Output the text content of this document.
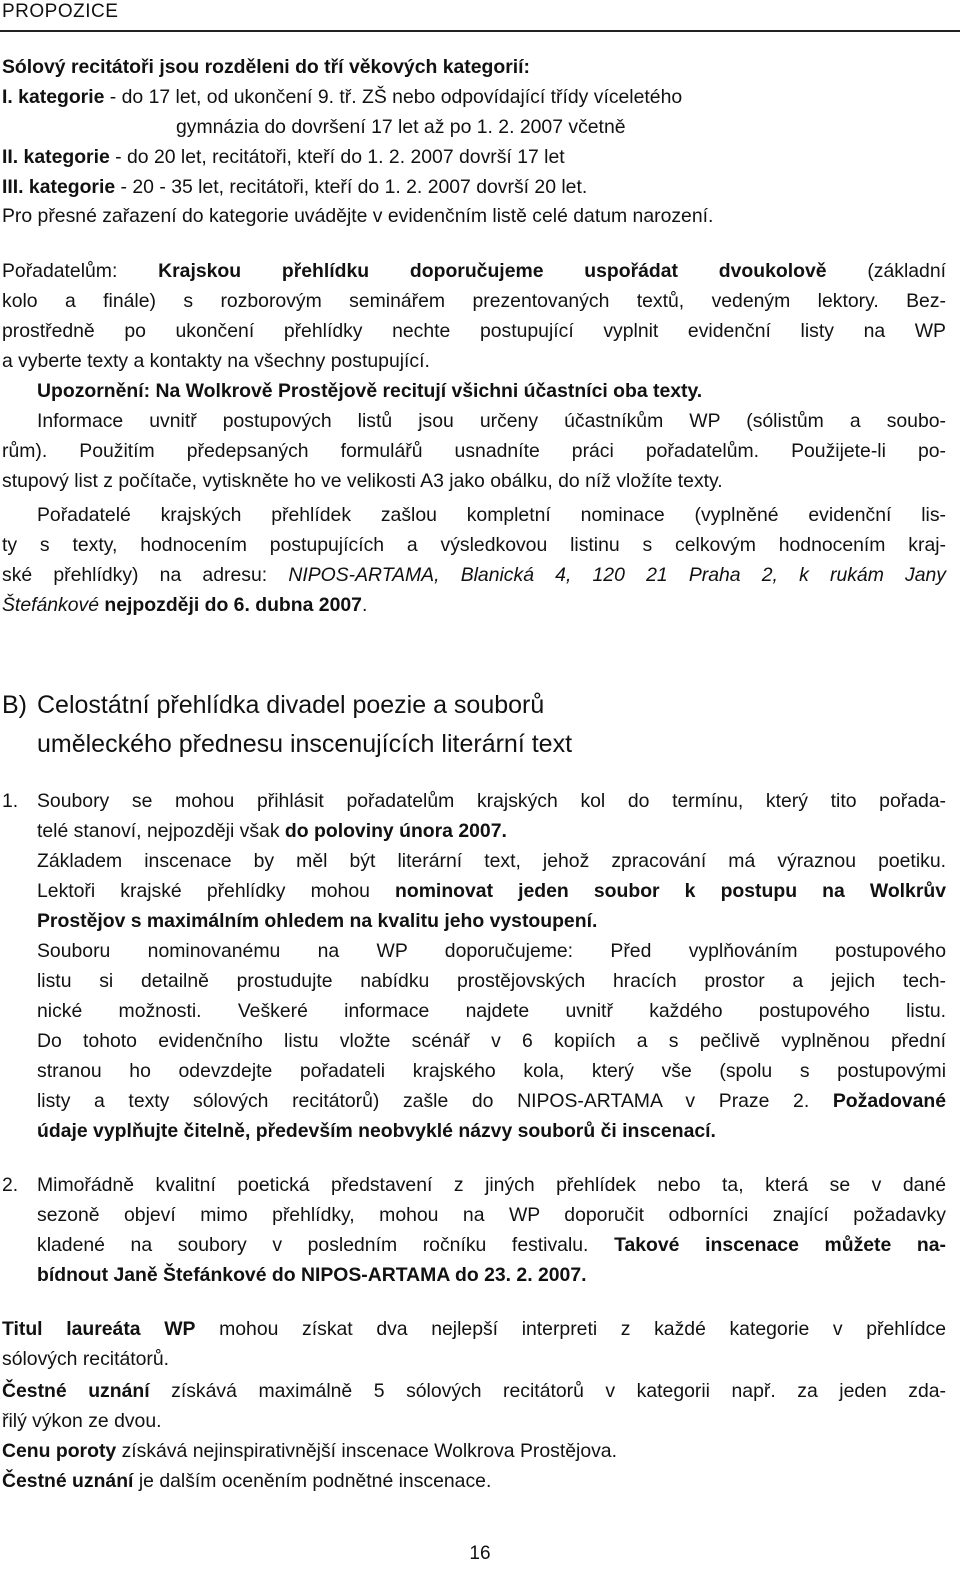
PROPOZICE
Sólový recitátoři jsou rozděleni do tří věkových kategorií:
I. kategorie - do 17 let, od ukončení 9. tř. ZŠ nebo odpovídající třídy víceletého
gymnázia do dovršení 17 let až po 1. 2. 2007 včetně
II. kategorie - do 20 let, recitátoři, kteří do 1. 2. 2007 dovrší 17 let
III. kategorie - 20 - 35 let, recitátoři, kteří do 1. 2. 2007 dovrší 20 let.
Pro přesné zařazení do kategorie uvádějte v evidenčním listě celé datum narození.
Pořadatelům: Krajskou přehlídku doporučujeme uspořádat dvoukolově (základní
kolo a finále) s rozborovým seminářem prezentovaných textů, vedeným lektory. Bez-
prostředně po ukončení přehlídky nechte postupující vyplnit evidenční listy na WP
a vyberte texty a kontakty na všechny postupující.
Upozornění: Na Wolkrově Prostějově recitují všichni účastníci oba texty.
Informace uvnitř postupových listů jsou určeny účastníkům WP (sólistům a soubo-
rům). Použitím předepsaných formulářů usnadníte práci pořadatelům. Použijete-li po-
stupový list z počítače, vytiskněte ho ve velikosti A3 jako obálku, do níž vložíte texty.
Pořadatelé krajských přehlídek zašlou kompletní nominace (vyplněné evidenční lis-
ty s texty, hodnocením postupujících a výsledkovou listinu s celkovým hodnocením kraj-
ské přehlídky) na adresu: NIPOS-ARTAMA, Blanická 4, 120 21 Praha 2, k rukám Jany
Štefánkové nejpozději do 6. dubna 2007.
B) Celostátní přehlídka divadel poezie a souborů
uměleckého přednesu inscenujících literární text
1. Soubory se mohou přihlásit pořadatelům krajských kol do termínu, který tito pořada-
telé stanoví, nejpozději však do poloviny února 2007.
Základem inscenace by měl být literární text, jehož zpracování má výraznou poetiku.
Lektoři krajské přehlídky mohou nominovat jeden soubor k postupu na Wolkrův
Prostějov s maximálním ohledem na kvalitu jeho vystoupení.
Souboru nominovanému na WP doporučujeme: Před vyplňováním postupového
listu si detailně prostudujte nabídku prostějovských hracích prostor a jejich tech-
nické možnosti. Veškeré informace najdete uvnitř každého postupového listu.
Do tohoto evidenčního listu vložte scénář v 6 kopiích a s pečlivě vyplněnou přední
stranou ho odevzdejte pořadateli krajského kola, který vše (spolu s postupovými
listy a texty sólových recitátorů) zašle do NIPOS-ARTAMA v Praze 2. Požadované
údaje vyplňujte čitelně, především neobvyklé názvy souborů či inscenací.
2. Mimořádně kvalitní poetická představení z jiných přehlídek nebo ta, která se v dané
sezoně objeví mimo přehlídky, mohou na WP doporučit odborníci znající požadavky
kladené na soubory v posledním ročníku festivalu. Takové inscenace můžete na-
bídnout Janě Štefánkové do NIPOS-ARTAMA do 23. 2. 2007.
Titul laureáta WP mohou získat dva nejlepší interpreti z každé kategorie v přehlídce
sólových recitátorů.
Čestné uznání získává maximálně 5 sólových recitátorů v kategorii např. za jeden zda-
řilý výkon ze dvou.
Cenu poroty získává nejinspirativnější inscenace Wolkrova Prostějova.
Čestné uznání je dalším oceněním podnětné inscenace.
16
